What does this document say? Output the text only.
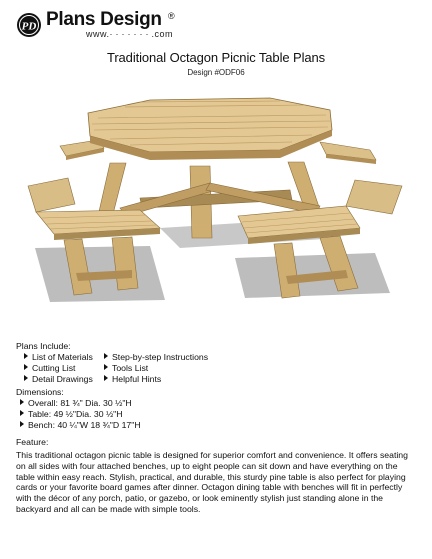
PD Plans Design ®
www.·······.com
Traditional Octagon Picnic Table Plans
Design #ODF06
Plans Include:
List of Materials
Cutting List
Detail Drawings
Step-by-step Instructions
Tools List
Helpful Hints
Dimensions:
Overall: 81 ¾" Dia. 30 ½"H
Table: 49 ½"Dia. 30 ½"H
Bench: 40 ¼"W 18 ¾"D 17"H
Feature:
This traditional octagon picnic table is designed for superior comfort and convenience. It offers seating on all sides with four attached benches, up to eight people can sit down and have everything on the table within easy reach. Stylish, practical, and durable, this sturdy pine table is also perfect for playing cards or your favorite board games after dinner. Octagon dining table with benches will fit in perfectly with the décor of any porch, patio, or gazebo, or look eminently stylish just standing alone in the backyard and all can be made with simple tools.
